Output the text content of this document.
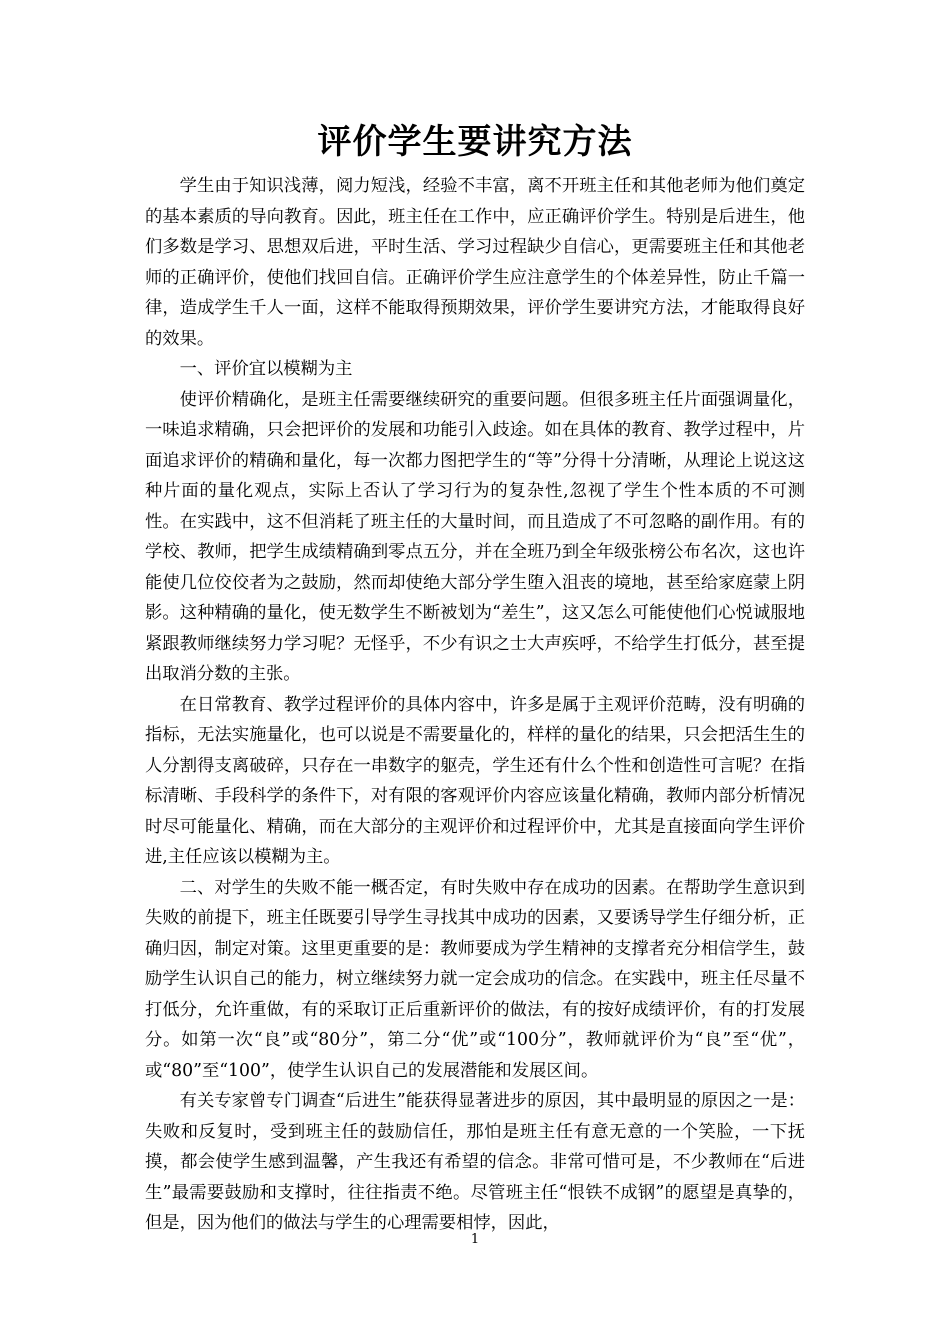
评价学生要讲究方法

学生由于知识浅薄，阅力短浅，经验不丰富，离不开班主任和其他老师为他们奠定的基本素质的导向教育。因此，班主任在工作中，应正确评价学生。特别是后进生，他们多数是学习、思想双后进，平时生活、学习过程缺少自信心，更需要班主任和其他老师的正确评价，使他们找回自信。正确评价学生应注意学生的个体差异性，防止千篇一律，造成学生千人一面，这样不能取得预期效果，评价学生要讲究方法，才能取得良好的效果。

一、评价宜以模糊为主

使评价精确化，是班主任需要继续研究的重要问题。但很多班主任片面强调量化，一味追求精确，只会把评价的发展和功能引入歧途。如在具体的教育、教学过程中，片面追求评价的精确和量化，每一次都力图把学生的“等”分得十分清晰，从理论上说这这种片面的量化观点，实际上否认了学习行为的复杂性,忽视了学生个性本质的不可测性。在实践中，这不但消耗了班主任的大量时间，而且造成了不可忽略的副作用。有的学校、教师，把学生成绩精确到零点五分，并在全班乃到全年级张榜公布名次，这也许能使几位佼佼者为之鼓励，然而却使绝大部分学生堕入沮丧的境地，甚至给家庭蒙上阴影。这种精确的量化，使无数学生不断被划为“差生”，这又怎么可能使他们心悦诚服地紧跟教师继续努力学习呢？无怪乎，不少有识之士大声疾呼，不给学生打低分，甚至提出取消分数的主张。

在日常教育、教学过程评价的具体内容中，许多是属于主观评价范畴，没有明确的指标，无法实施量化，也可以说是不需要量化的，样样的量化的结果，只会把活生生的人分割得支离破碎，只存在一串数字的躯壳，学生还有什么个性和创造性可言呢？在指标清晰、手段科学的条件下，对有限的客观评价内容应该量化精确，教师内部分析情况时尽可能量化、精确，而在大部分的主观评价和过程评价中，尤其是直接面向学生评价进,主任应该以模糊为主。

二、对学生的失败不能一概否定，有时失败中存在成功的因素。在帮助学生意识到失败的前提下，班主任既要引导学生寻找其中成功的因素，又要诱导学生仔细分析，正确归因，制定对策。这里更重要的是：教师要成为学生精神的支撑者充分相信学生，鼓励学生认识自己的能力，树立继续努力就一定会成功的信念。在实践中，班主任尽量不打低分，允许重做，有的采取订正后重新评价的做法，有的按好成绩评价，有的打发展分。如第一次“良”或“80分”，第二分“优”或“100分”，教师就评价为“良”至“优”，或“80”至“100”，使学生认识自己的发展潜能和发展区间。

有关专家曾专门调查“后进生”能获得显著进步的原因，其中最明显的原因之一是：失败和反复时，受到班主任的鼓励信任，那怕是班主任有意无意的一个笑脸，一下抚摸，都会使学生感到温馨，产生我还有希望的信念。非常可惜可是，不少教师在“后进生”最需要鼓励和支撑时，往往指责不绝。尽管班主任“恨铁不成钢”的愿望是真挚的，但是，因为他们的做法与学生的心理需要相悖，因此，

1
